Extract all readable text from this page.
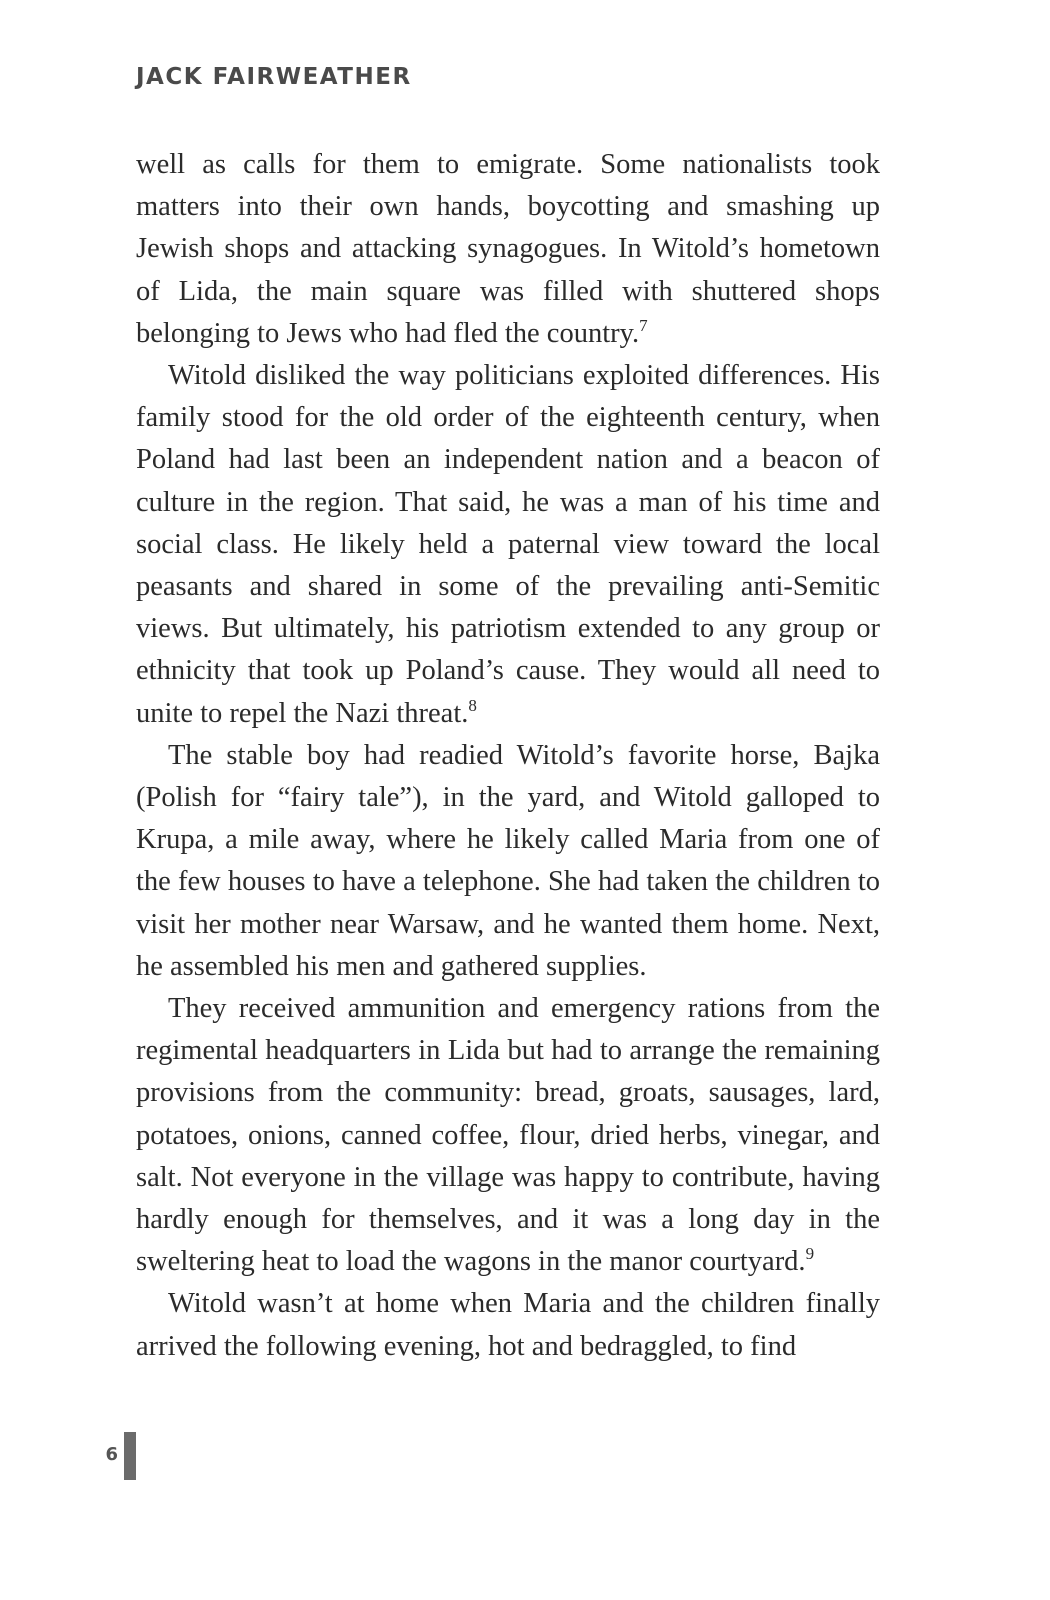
JACK FAIRWEATHER

well as calls for them to emigrate. Some nationalists took matters into their own hands, boycotting and smashing up Jewish shops and attacking synagogues. In Witold’s hometown of Lida, the main square was filled with shuttered shops belonging to Jews who had fled the country.$^7$

Witold disliked the way politicians exploited differences. His family stood for the old order of the eighteenth century, when Poland had last been an independent nation and a beacon of culture in the region. That said, he was a man of his time and social class. He likely held a paternal view toward the local peasants and shared in some of the prevailing anti-Semitic views. But ultimately, his patriotism extended to any group or ethnicity that took up Poland’s cause. They would all need to unite to repel the Nazi threat.$^8$

The stable boy had readied Witold’s favorite horse, Bajka (Polish for “fairy tale”), in the yard, and Witold galloped to Krupa, a mile away, where he likely called Maria from one of the few houses to have a telephone. She had taken the children to visit her mother near Warsaw, and he wanted them home. Next, he assembled his men and gathered supplies.

They received ammunition and emergency rations from the regimental headquarters in Lida but had to arrange the remaining provisions from the community: bread, groats, sausages, lard, potatoes, onions, canned coffee, flour, dried herbs, vinegar, and salt. Not everyone in the village was happy to contribute, having hardly enough for themselves, and it was a long day in the sweltering heat to load the wagons in the manor courtyard.$^9$

Witold wasn’t at home when Maria and the children finally arrived the following evening, hot and bedraggled, to find

6
